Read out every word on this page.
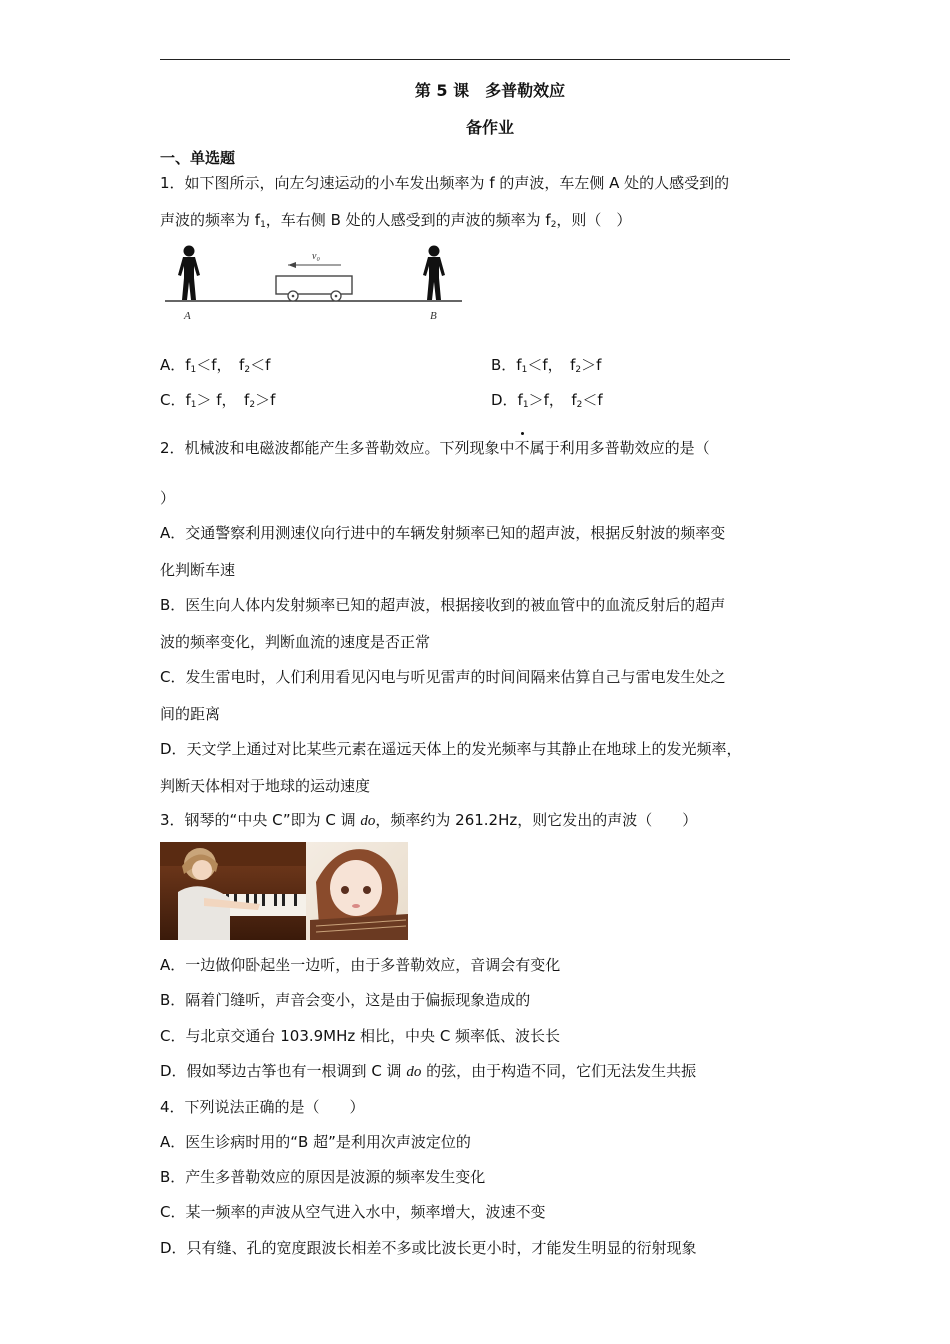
第 5 课　多普勒效应
备作业
一、单选题
1．如下图所示，向左匀速运动的小车发出频率为 f 的声波，车左侧 A 处的人感受到的
声波的频率为 $f_1$，车右侧 B 处的人感受到的声波的频率为 $f_2$，则（　）
v₀
A	B
A．$f_1<f$，　$f_2<f$	B．$f_1<f$，　$f_2>f$
C．$f_1> f$，　$f_2>f$	D．$f_1>f$，　$f_2<f$
2．机械波和电磁波都能产生多普勒效应。下列现象中不属于利用多普勒效应的是（
）
A．交通警察利用测速仪向行进中的车辆发射频率已知的超声波，根据反射波的频率变
化判断车速
B．医生向人体内发射频率已知的超声波，根据接收到的被血管中的血流反射后的超声
波的频率变化，判断血流的速度是否正常
C．发生雷电时，人们利用看见闪电与听见雷声的时间间隔来估算自己与雷电发生处之
间的距离
D．天文学上通过对比某些元素在遥远天体上的发光频率与其静止在地球上的发光频率，
判断天体相对于地球的运动速度
3．钢琴的“中央 C”即为 C 调 do，频率约为 261.2Hz，则它发出的声波（　　）
A．一边做仰卧起坐一边听，由于多普勒效应，音调会有变化
B．隔着门缝听，声音会变小，这是由于偏振现象造成的
C．与北京交通台 103.9MHz 相比，中央 C 频率低、波长长
D．假如琴边古筝也有一根调到 C 调 do 的弦，由于构造不同，它们无法发生共振
4．下列说法正确的是（　　）
A．医生诊病时用的“B 超”是利用次声波定位的
B．产生多普勒效应的原因是波源的频率发生变化
C．某一频率的声波从空气进入水中，频率增大，波速不变
D．只有缝、孔的宽度跟波长相差不多或比波长更小时，才能发生明显的衍射现象
